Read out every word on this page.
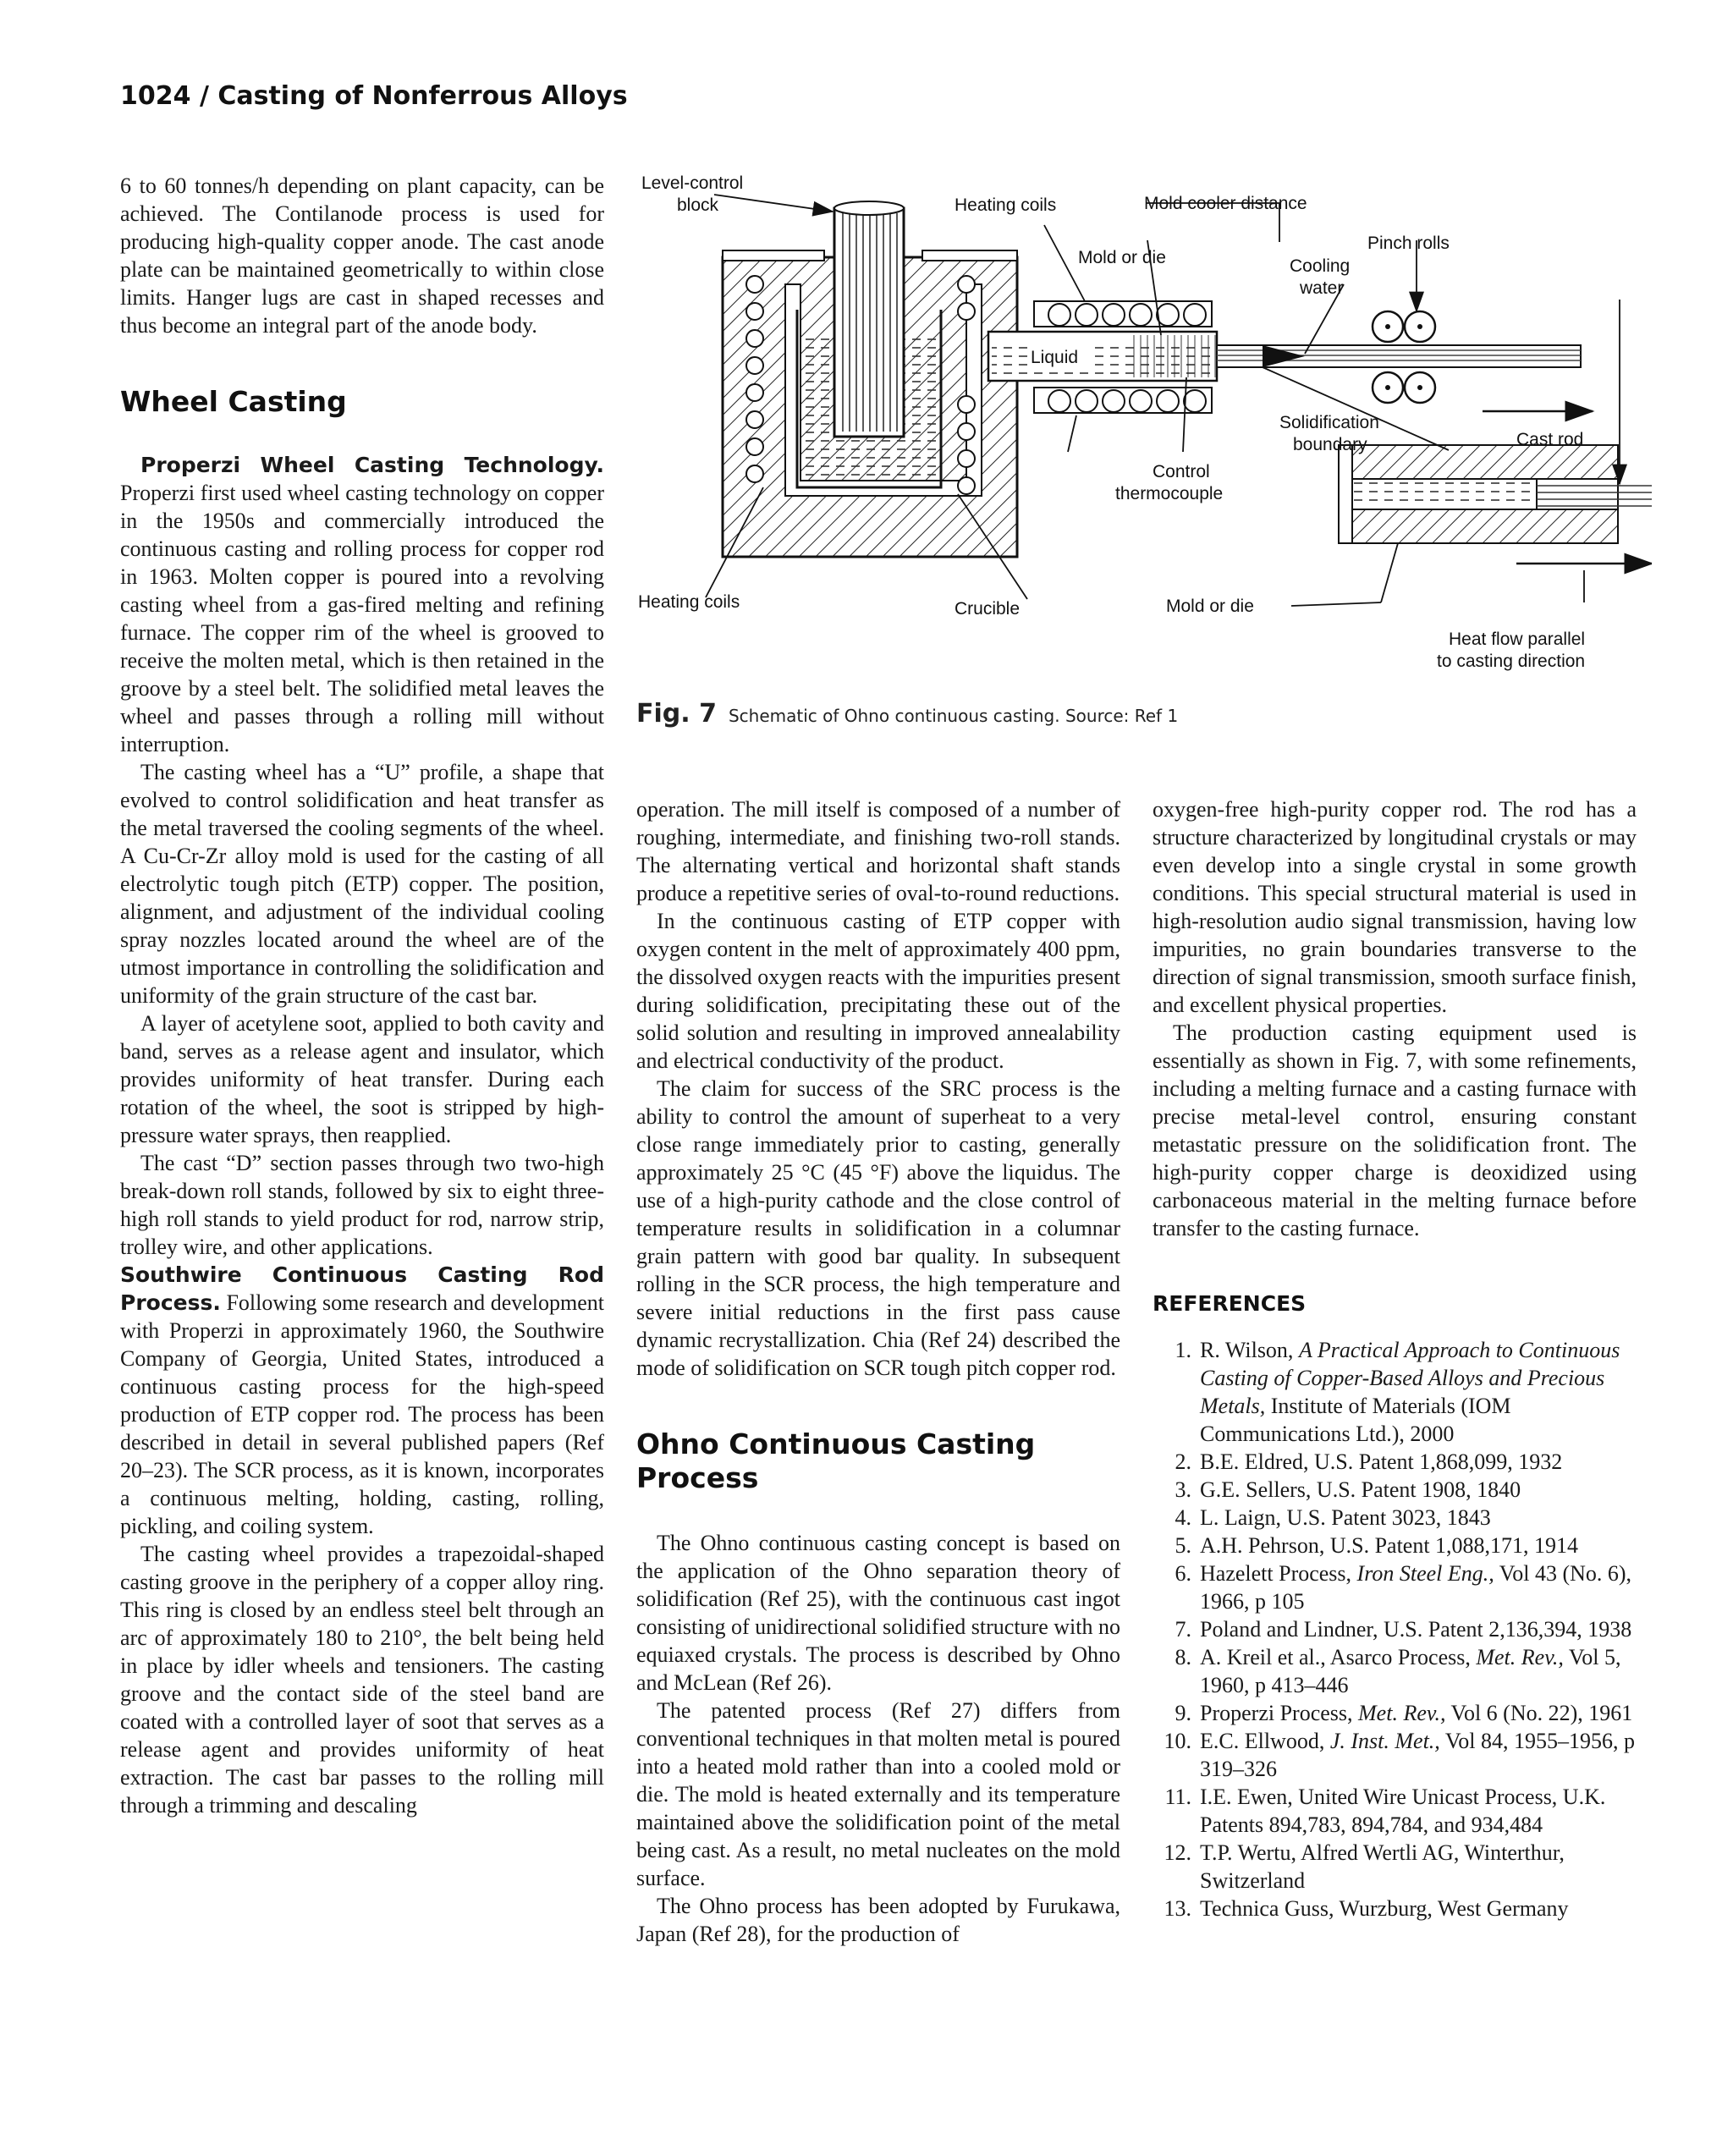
1024 / Casting of Nonferrous Alloys

6 to 60 tonnes/h depending on plant capacity, can be achieved. The Contilanode process is used for producing high-quality copper anode. The cast anode plate can be maintained geometrically to within close limits. Hanger lugs are cast in shaped recesses and thus become an integral part of the anode body.

Wheel Casting

Properzi Wheel Casting Technology. Properzi first used wheel casting technology on copper in the 1950s and commercially introduced the continuous casting and rolling process for copper rod in 1963. Molten copper is poured into a revolving casting wheel from a gas-fired melting and refining furnace. The copper rim of the wheel is grooved to receive the molten metal, which is then retained in the groove by a steel belt. The solidified metal leaves the wheel and passes through a rolling mill without interruption.

The casting wheel has a “U” profile, a shape that evolved to control solidification and heat transfer as the metal traversed the cooling segments of the wheel. A Cu-Cr-Zr alloy mold is used for the casting of all electrolytic tough pitch (ETP) copper. The position, alignment, and adjustment of the individual cooling spray nozzles located around the wheel are of the utmost importance in controlling the solidification and uniformity of the grain structure of the cast bar.

A layer of acetylene soot, applied to both cavity and band, serves as a release agent and insulator, which provides uniformity of heat transfer. During each rotation of the wheel, the soot is stripped by high-pressure water sprays, then reapplied.

The cast “D” section passes through two two-high break-down roll stands, followed by six to eight three-high roll stands to yield product for rod, narrow strip, trolley wire, and other applications.

Southwire Continuous Casting Rod Process. Following some research and development with Properzi in approximately 1960, the Southwire Company of Georgia, United States, introduced a continuous casting process for the high-speed production of ETP copper rod. The process has been described in detail in several published papers (Ref 20–23). The SCR process, as it is known, incorporates a continuous melting, holding, casting, rolling, pickling, and coiling system.

The casting wheel provides a trapezoidal-shaped casting groove in the periphery of a copper alloy ring. This ring is closed by an endless steel belt through an arc of approximately 180 to 210°, the belt being held in place by idler wheels and tensioners. The casting groove and the contact side of the steel band are coated with a controlled layer of soot that serves as a release agent and provides uniformity of heat extraction. The cast bar passes to the rolling mill through a trimming and descaling

Level-control
block	Heating coils	Mold cooler distance
Mold or die	Cooling
water
Pinch rolls
Liquid
Solidification
boundary	Cast rod
Control
thermocouple
Heating coils	Crucible	Mold or die
Heat flow parallel
to casting direction
Fig. 7 Schematic of Ohno continuous casting. Source: Ref 1

operation. The mill itself is composed of a number of roughing, intermediate, and finishing two-roll stands. The alternating vertical and horizontal shaft stands produce a repetitive series of oval-to-round reductions.

In the continuous casting of ETP copper with oxygen content in the melt of approximately 400 ppm, the dissolved oxygen reacts with the impurities present during solidification, precipitating these out of the solid solution and resulting in improved annealability and electrical conductivity of the product.

The claim for success of the SRC process is the ability to control the amount of superheat to a very close range immediately prior to casting, generally approximately 25 °C (45 °F) above the liquidus. The use of a high-purity cathode and the close control of temperature results in solidification in a columnar grain pattern with good bar quality. In subsequent rolling in the SCR process, the high temperature and severe initial reductions in the first pass cause dynamic recrystallization. Chia (Ref 24) described the mode of solidification on SCR tough pitch copper rod.

Ohno Continuous Casting Process

The Ohno continuous casting concept is based on the application of the Ohno separation theory of solidification (Ref 25), with the continuous cast ingot consisting of unidirectional solidified structure with no equiaxed crystals. The process is described by Ohno and McLean (Ref 26).

The patented process (Ref 27) differs from conventional techniques in that molten metal is poured into a heated mold rather than into a cooled mold or die. The mold is heated externally and its temperature maintained above the solidification point of the metal being cast. As a result, no metal nucleates on the mold surface.

The Ohno process has been adopted by Furukawa, Japan (Ref 28), for the production of

oxygen-free high-purity copper rod. The rod has a structure characterized by longitudinal crystals or may even develop into a single crystal in some growth conditions. This special structural material is used in high-resolution audio signal transmission, having low impurities, no grain boundaries transverse to the direction of signal transmission, smooth surface finish, and excellent physical properties.

The production casting equipment used is essentially as shown in Fig. 7, with some refinements, including a melting furnace and a casting furnace with precise metal-level control, ensuring constant metastatic pressure on the solidification front. The high-purity copper charge is deoxidized using carbonaceous material in the melting furnace before transfer to the casting furnace.

REFERENCES
1. R. Wilson, A Practical Approach to Continuous Casting of Copper-Based Alloys and Precious Metals, Institute of Materials (IOM Communications Ltd.), 2000
2. B.E. Eldred, U.S. Patent 1,868,099, 1932
3. G.E. Sellers, U.S. Patent 1908, 1840
4. L. Laign, U.S. Patent 3023, 1843
5. A.H. Pehrson, U.S. Patent 1,088,171, 1914
6. Hazelett Process, Iron Steel Eng., Vol 43 (No. 6), 1966, p 105
7. Poland and Lindner, U.S. Patent 2,136,394, 1938
8. A. Kreil et al., Asarco Process, Met. Rev., Vol 5, 1960, p 413–446
9. Properzi Process, Met. Rev., Vol 6 (No. 22), 1961
10. E.C. Ellwood, J. Inst. Met., Vol 84, 1955–1956, p 319–326
11. I.E. Ewen, United Wire Unicast Process, U.K. Patents 894,783, 894,784, and 934,484
12. T.P. Wertu, Alfred Wertli AG, Winterthur, Switzerland
13. Technica Guss, Wurzburg, West Germany
